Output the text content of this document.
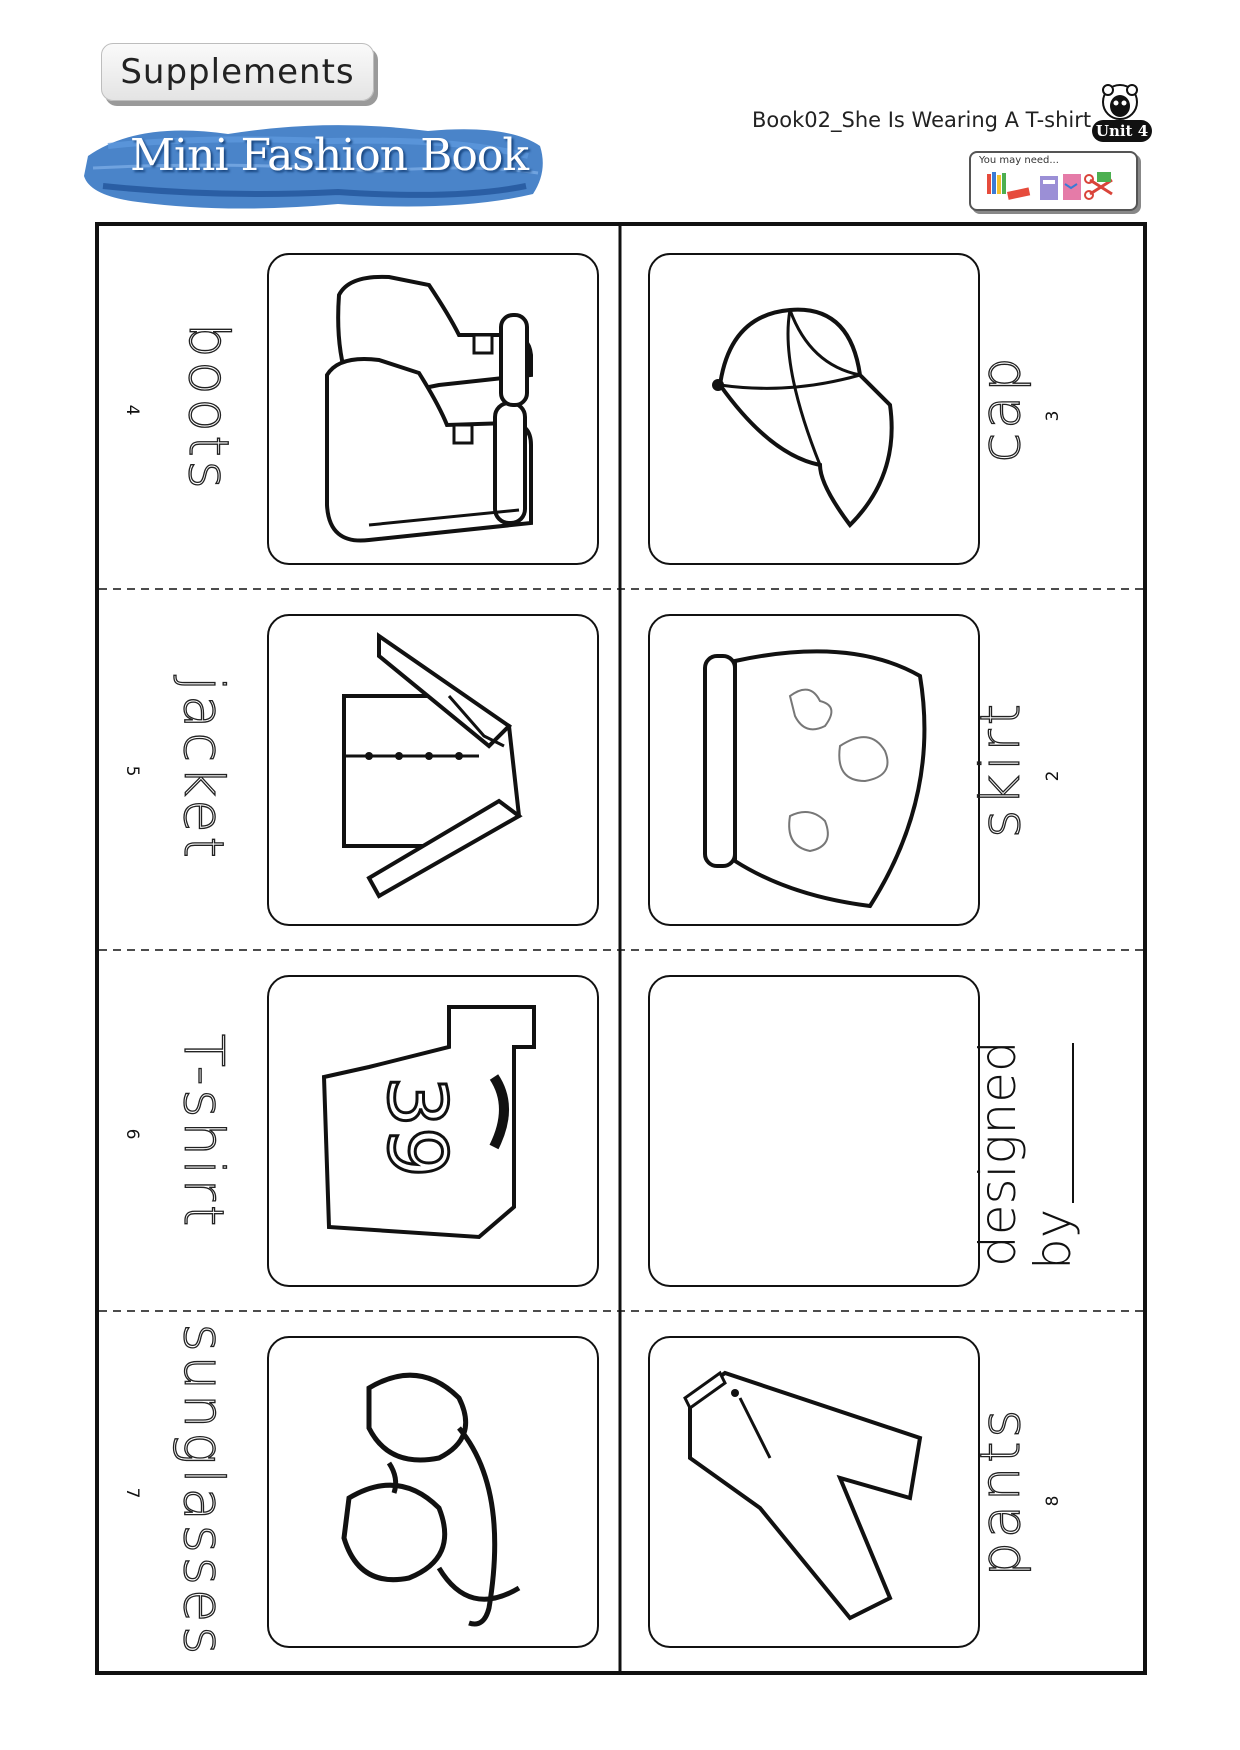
Supplements
Mini Fashion Book
Book02_She Is Wearing A T-shirt Unit 4
You may need...
4 boots	cap 3
5 jacket	skirt 2
6 T-shirt 39	designed
by
7 sunglasses	pants 8
